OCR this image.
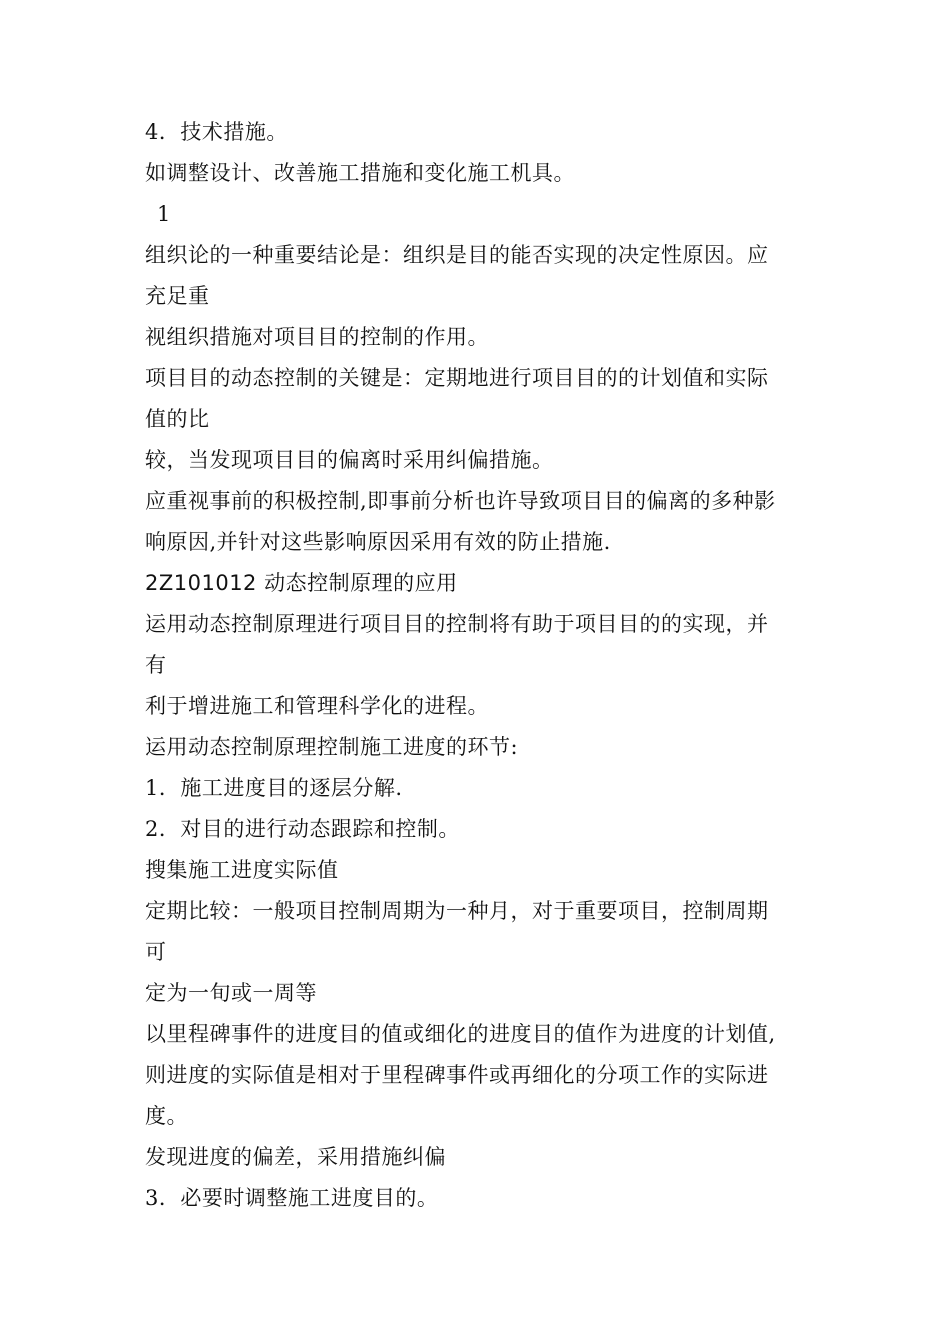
4．技术措施。
如调整设计、改善施工措施和变化施工机具。
1
组织论的一种重要结论是：组织是目的能否实现的决定性原因。应
充足重
视组织措施对项目目的控制的作用。
项目目的动态控制的关键是：定期地进行项目目的的计划值和实际
值的比
较，当发现项目目的偏离时采用纠偏措施。
应重视事前的积极控制,即事前分析也许导致项目目的偏离的多种影
响原因,并针对这些影响原因采用有效的防止措施.
2Z101012 动态控制原理的应用
运用动态控制原理进行项目目的控制将有助于项目目的的实现，并
有
利于增进施工和管理科学化的进程。
运用动态控制原理控制施工进度的环节:
1．施工进度目的逐层分解.
2．对目的进行动态跟踪和控制。
搜集施工进度实际值
定期比较：一般项目控制周期为一种月，对于重要项目，控制周期
可
定为一旬或一周等
以里程碑事件的进度目的值或细化的进度目的值作为进度的计划值,
则进度的实际值是相对于里程碑事件或再细化的分项工作的实际进
度。
发现进度的偏差，采用措施纠偏
3．必要时调整施工进度目的。
